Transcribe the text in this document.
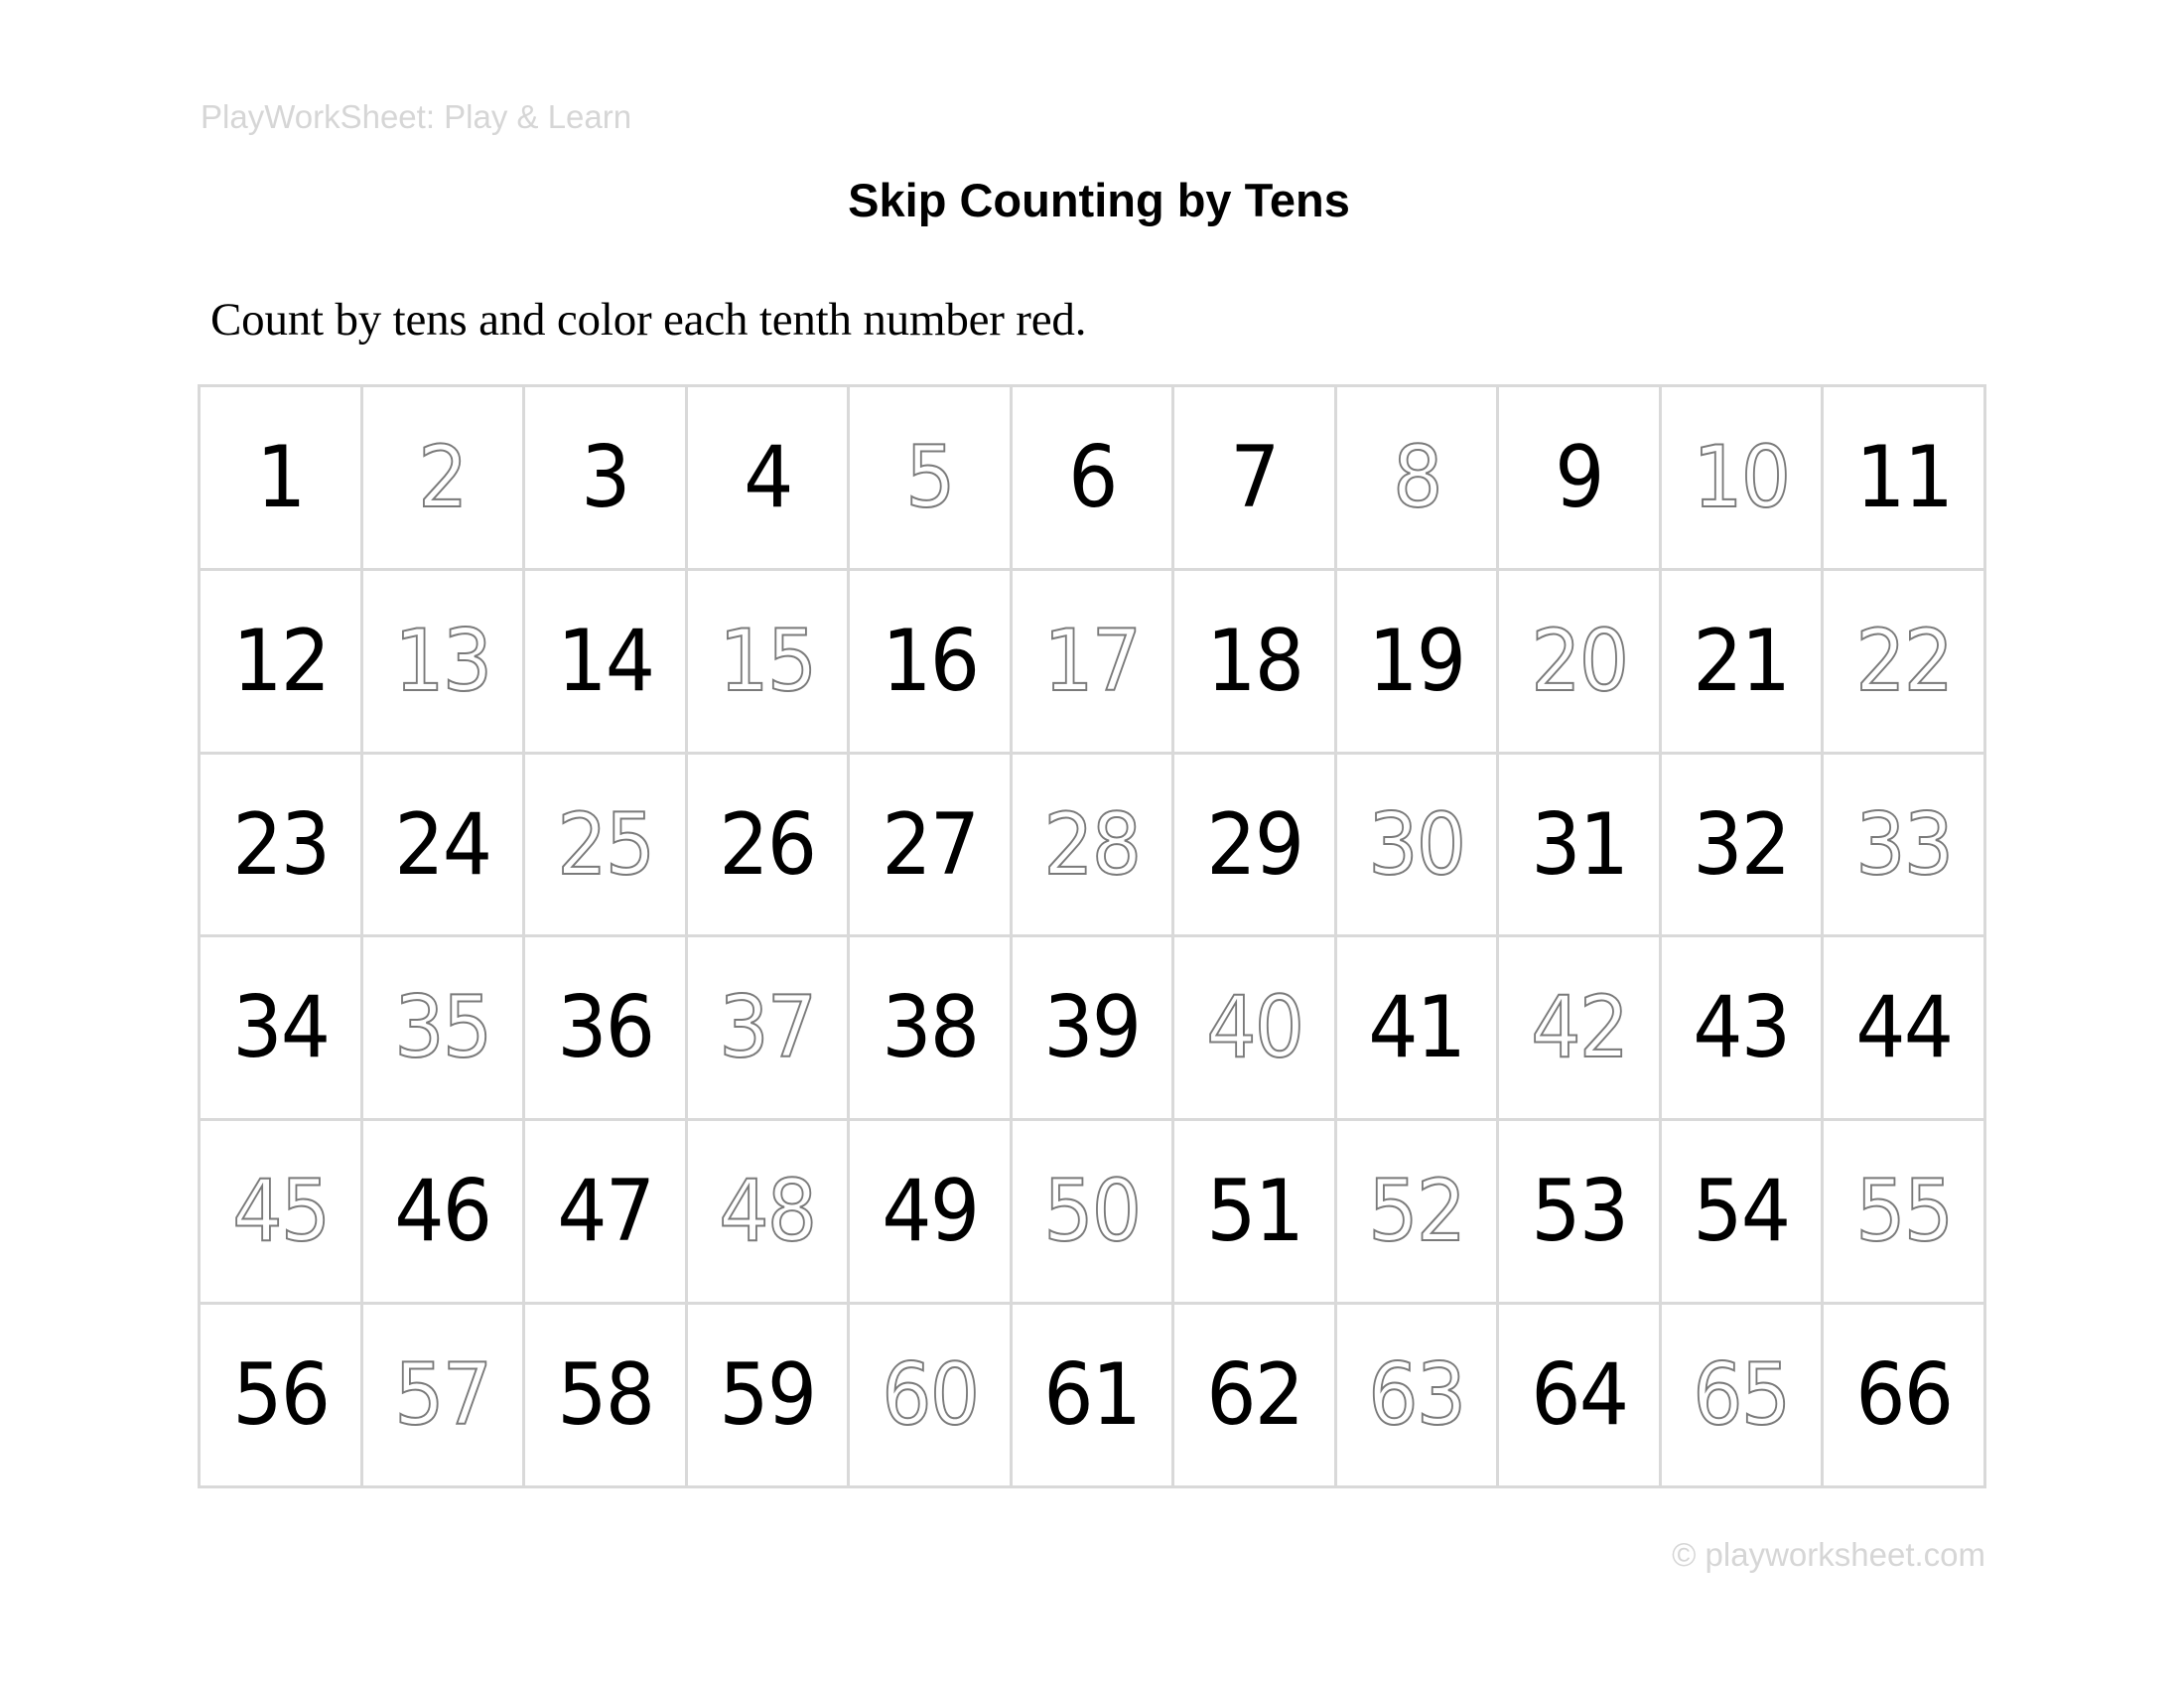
PlayWorkSheet: Play & Learn
Skip Counting by Tens
Count by tens and color each tenth number red.
1 2 3 4 5 6 7 8 9 10 11
12 13 14 15 16 17 18 19 20 21 22
23 24 25 26 27 28 29 30 31 32 33
34 35 36 37 38 39 40 41 42 43 44
45 46 47 48 49 50 51 52 53 54 55
56 57 58 59 60 61 62 63 64 65 66
© playworksheet.com
